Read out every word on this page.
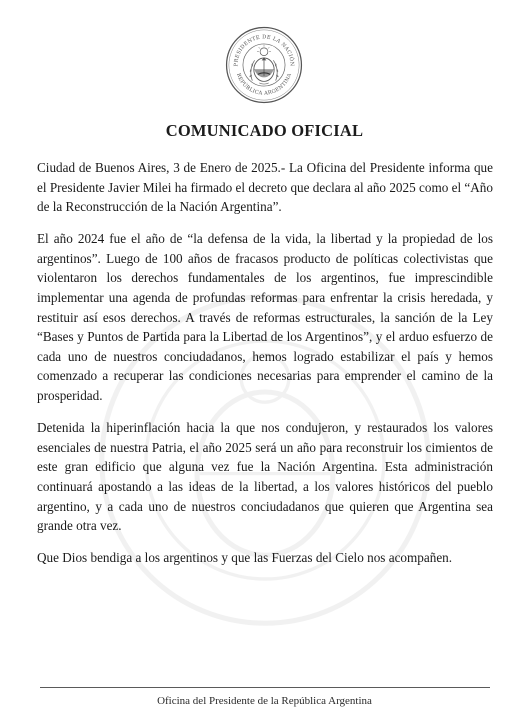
PRESIDENTE DE LA NACIÓN
REPÚBLICA ARGENTINA
COMUNICADO OFICIAL

Ciudad de Buenos Aires, 3 de Enero de 2025.- La Oficina del Presidente informa que el Presidente Javier Milei ha firmado el decreto que declara al año 2025 como el “Año de la Reconstrucción de la Nación Argentina”.

El año 2024 fue el año de “la defensa de la vida, la libertad y la propiedad de los argentinos”. Luego de 100 años de fracasos producto de políticas colectivistas que violentaron los derechos fundamentales de los argentinos, fue imprescindible implementar una agenda de profundas reformas para enfrentar la crisis heredada, y restituir así esos derechos. A través de reformas estructurales, la sanción de la Ley “Bases y Puntos de Partida para la Libertad de los Argentinos”, y el arduo esfuerzo de cada uno de nuestros conciudadanos, hemos logrado estabilizar el país y hemos comenzado a recuperar las condiciones necesarias para emprender el camino de la prosperidad.

Detenida la hiperinflación hacia la que nos condujeron, y restaurados los valores esenciales de nuestra Patria, el año 2025 será un año para reconstruir los cimientos de este gran edificio que alguna vez fue la Nación Argentina. Esta administración continuará apostando a las ideas de la libertad, a los valores históricos del pueblo argentino, y a cada uno de nuestros conciudadanos que quieren que Argentina sea grande otra vez.

Que Dios bendiga a los argentinos y que las Fuerzas del Cielo nos acompañen.

Oficina del Presidente de la República Argentina
